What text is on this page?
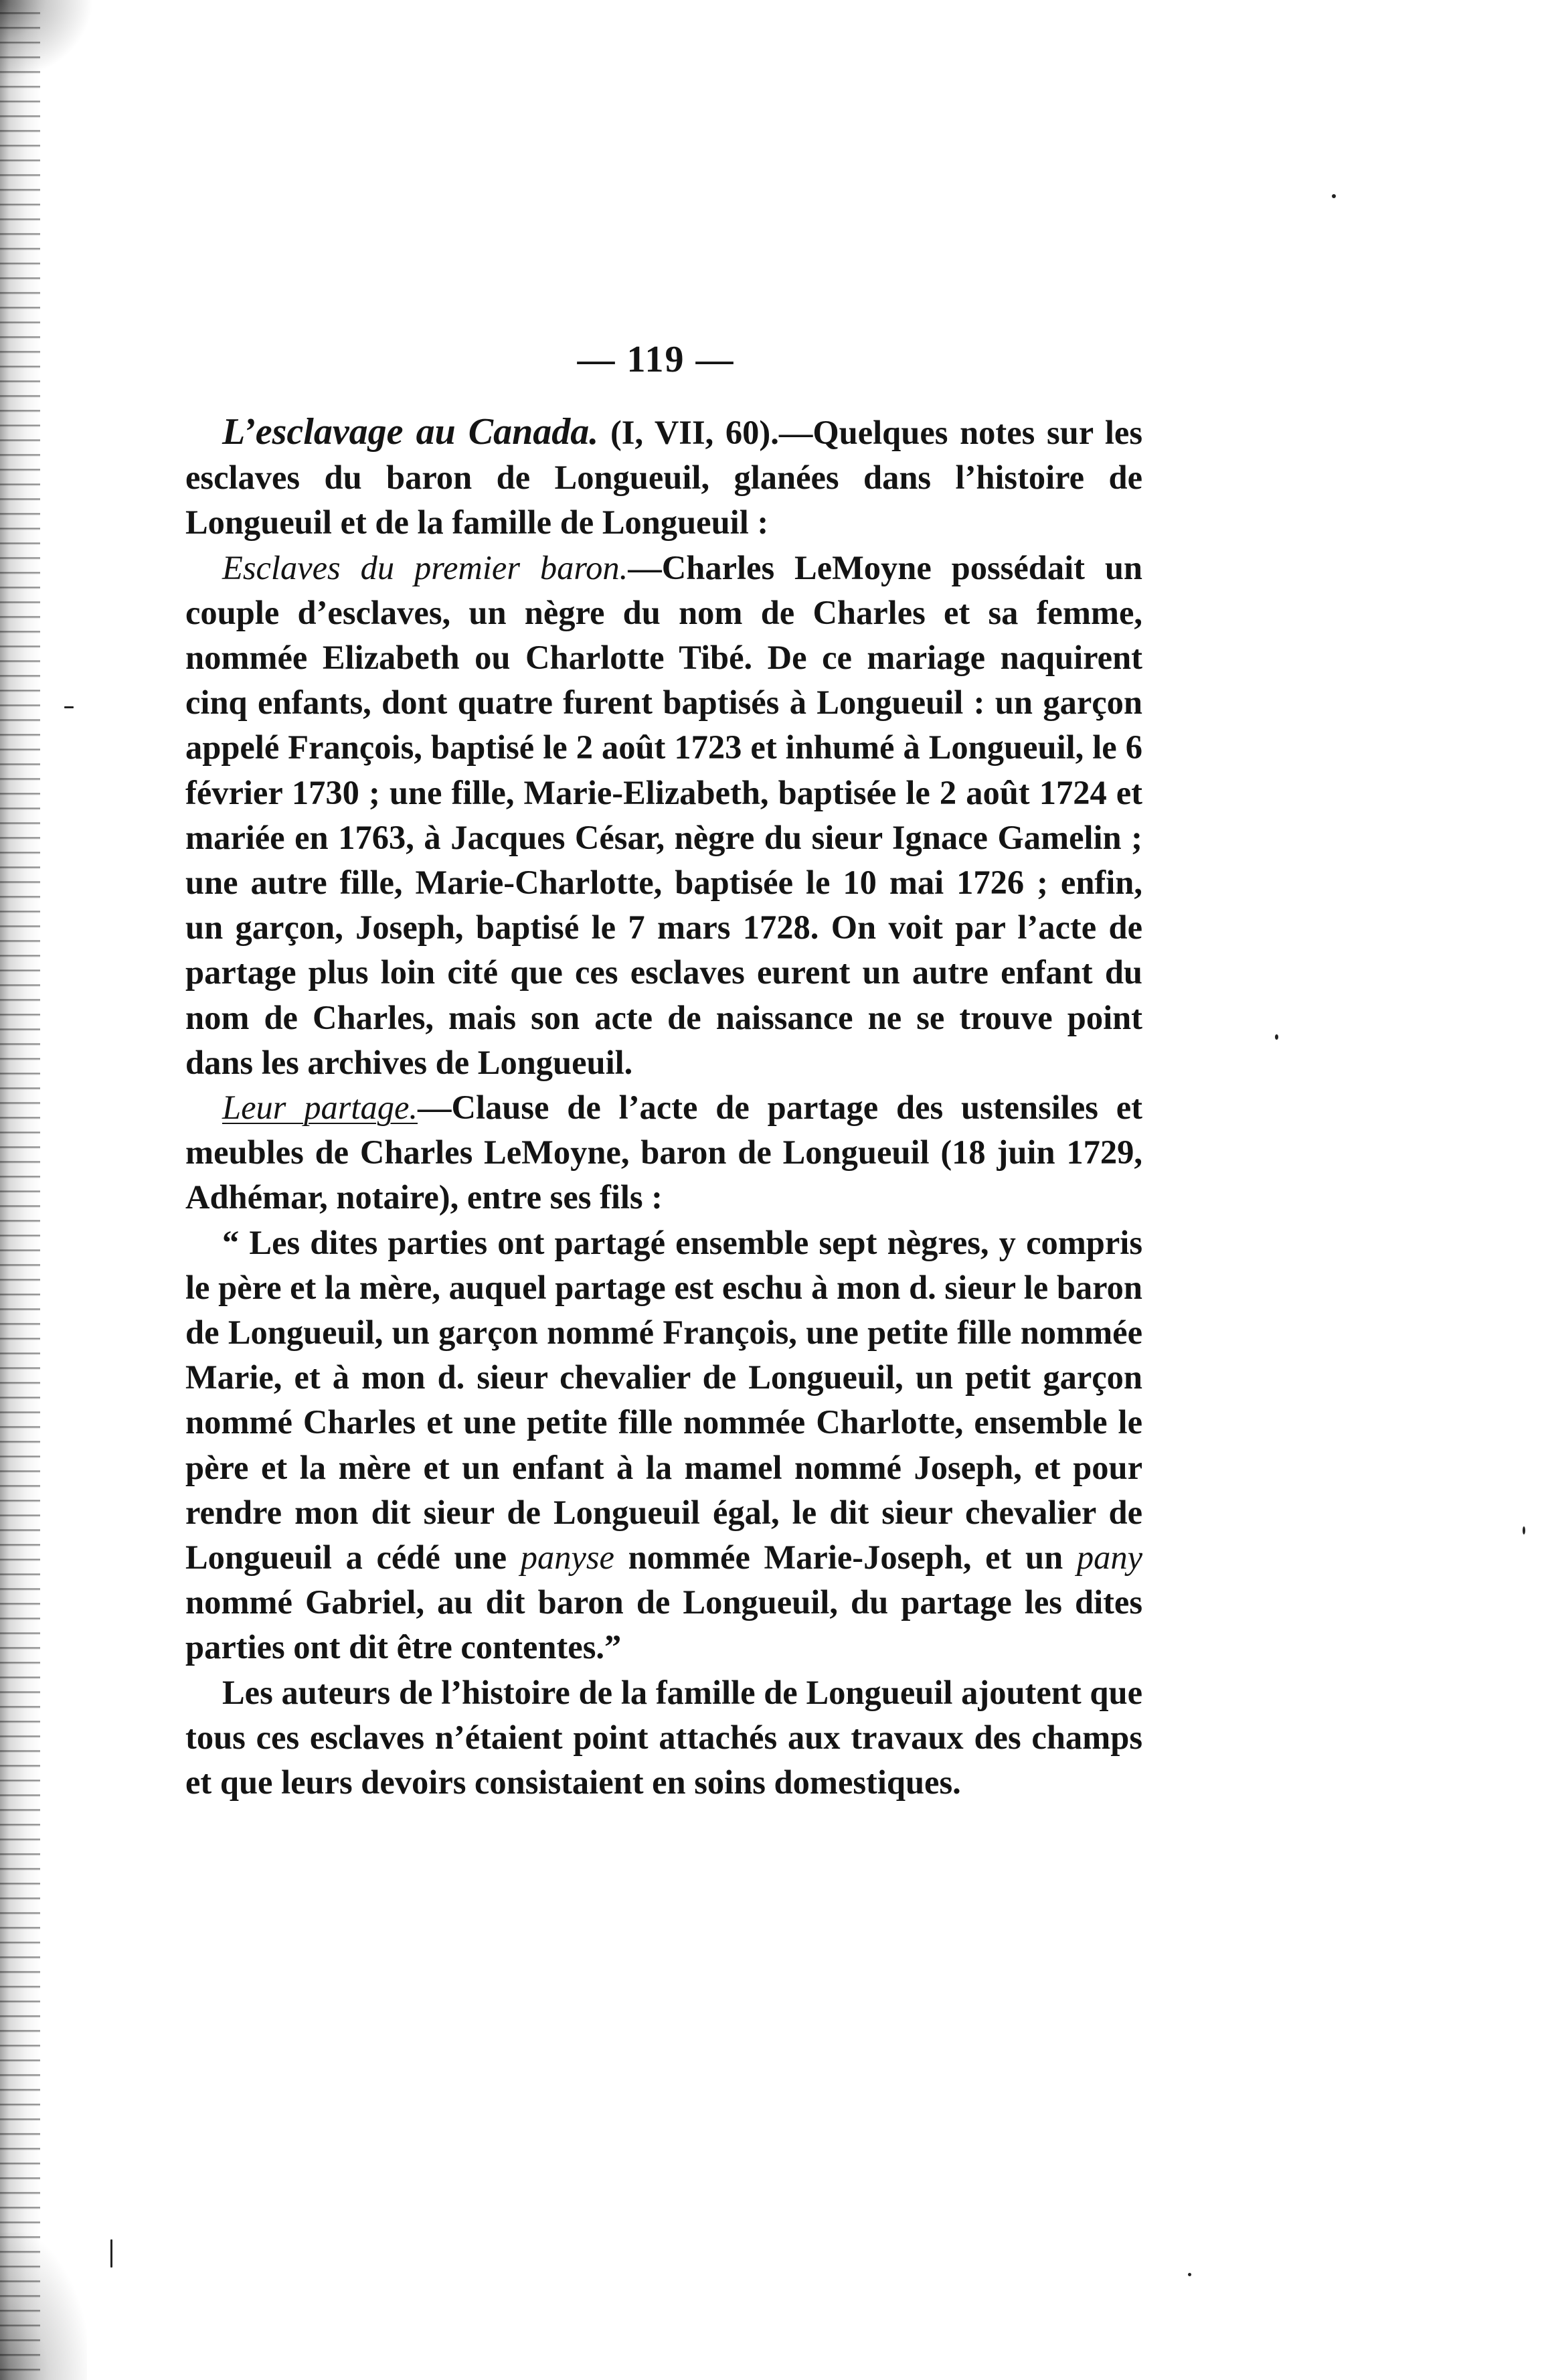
— 119 —

L’esclavage au Canada. (I, VII, 60).—Quelques notes sur les esclaves du baron de Longueuil, glanées dans l’histoire de Longueuil et de la famille de Longueuil :

Esclaves du premier baron.—Charles LeMoyne possédait un couple d’esclaves, un nègre du nom de Charles et sa femme, nommée Elizabeth ou Charlotte Tibé. De ce mariage naquirent cinq enfants, dont quatre furent baptisés à Longueuil : un garçon appelé François, baptisé le 2 août 1723 et inhumé à Longueuil, le 6 février 1730 ; une fille, Marie-Elizabeth, baptisée le 2 août 1724 et mariée en 1763, à Jacques César, nègre du sieur Ignace Gamelin ; une autre fille, Marie-Charlotte, baptisée le 10 mai 1726 ; enfin, un garçon, Joseph, baptisé le 7 mars 1728. On voit par l’acte de partage plus loin cité que ces esclaves eurent un autre enfant du nom de Charles, mais son acte de naissance ne se trouve point dans les archives de Longueuil.

Leur partage.—Clause de l’acte de partage des ustensiles et meubles de Charles LeMoyne, baron de Longueuil (18 juin 1729, Adhémar, notaire), entre ses fils :

“ Les dites parties ont partagé ensemble sept nègres, y compris le père et la mère, auquel partage est eschu à mon d. sieur le baron de Longueuil, un garçon nommé François, une petite fille nommée Marie, et à mon d. sieur chevalier de Longueuil, un petit garçon nommé Charles et une petite fille nommée Charlotte, ensemble le père et la mère et un enfant à la mamel nommé Joseph, et pour rendre mon dit sieur de Longueuil égal, le dit sieur chevalier de Longueuil a cédé une panyse nommée Marie-Joseph, et un pany nommé Gabriel, au dit baron de Longueuil, du partage les dites parties ont dit être contentes.”

Les auteurs de l’histoire de la famille de Longueuil ajoutent que tous ces esclaves n’étaient point attachés aux travaux des champs et que leurs devoirs consistaient en soins domestiques.
